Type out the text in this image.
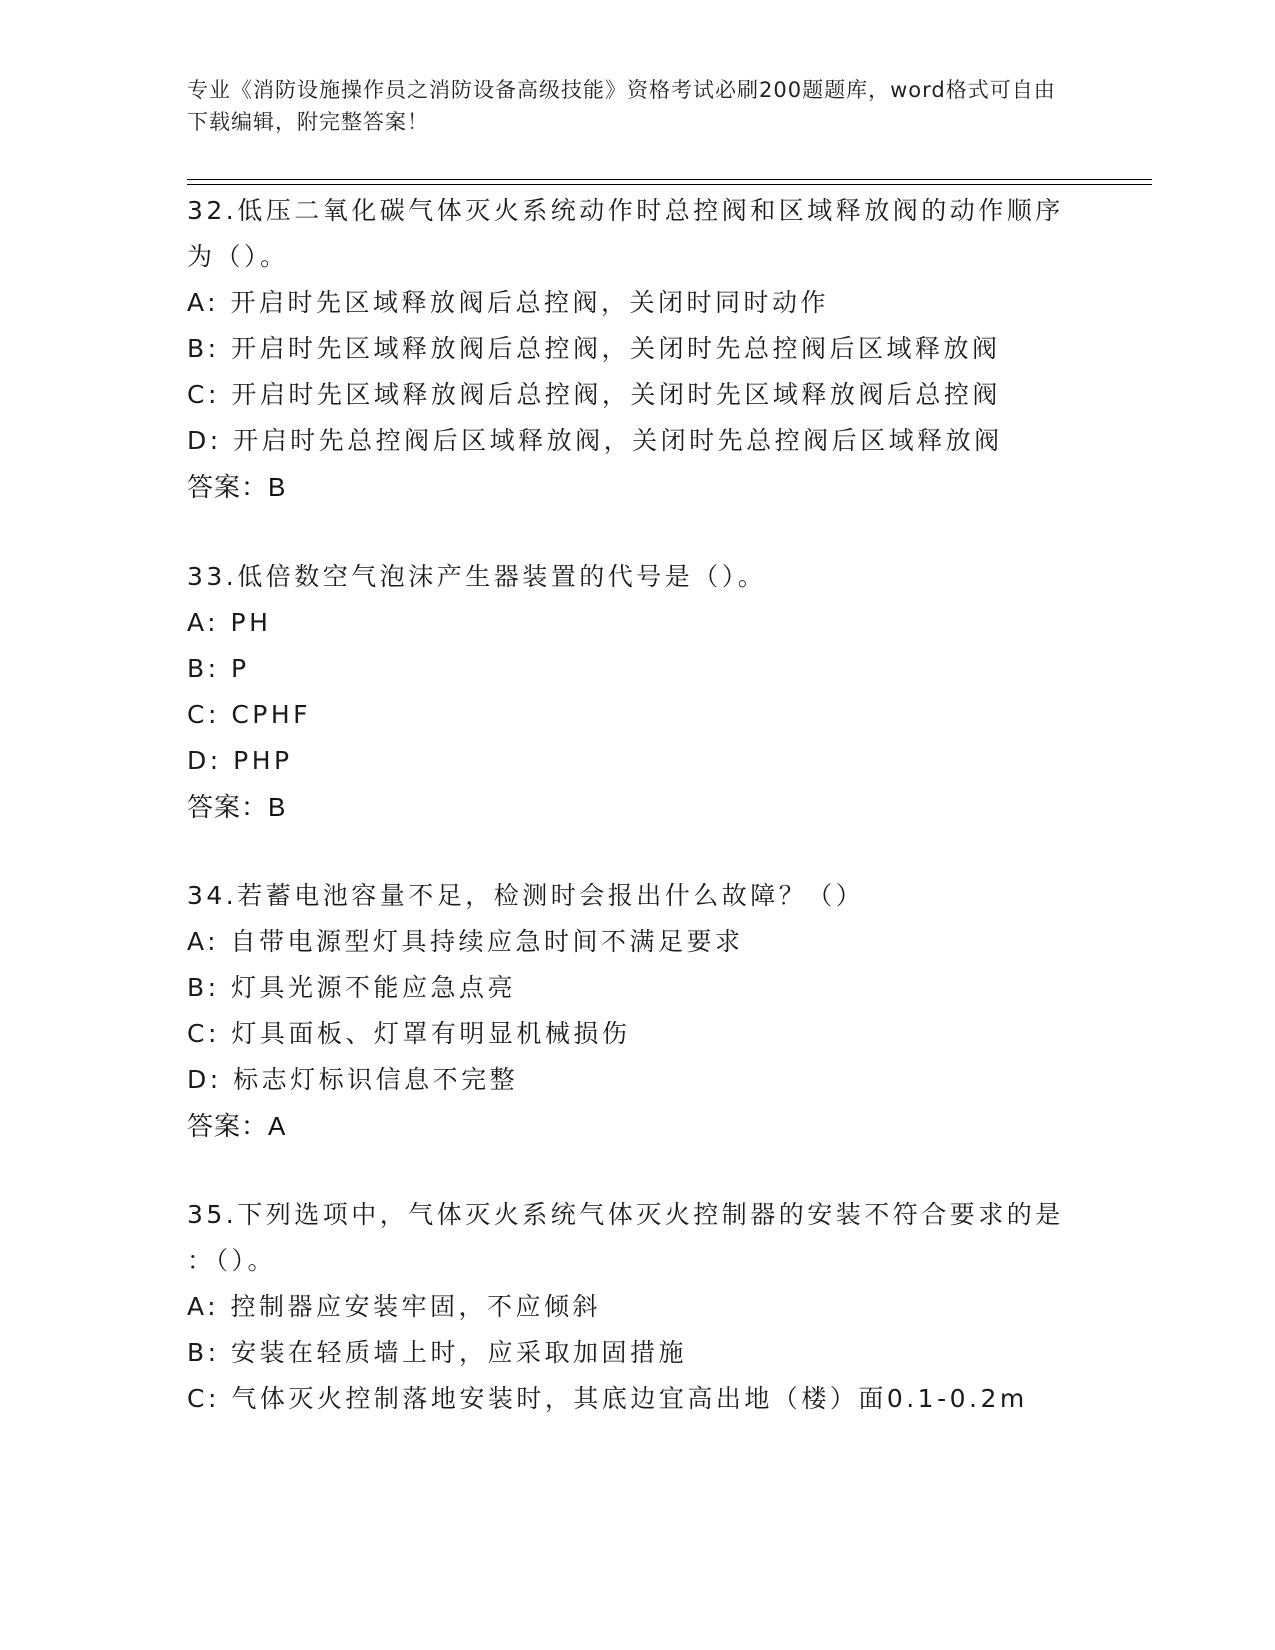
专业《消防设施操作员之消防设备高级技能》资格考试必刷200题题库，word格式可自由下载编辑，附完整答案！
32.低压二氧化碳气体灭火系统动作时总控阀和区域释放阀的动作顺序
为（）。
A: 开启时先区域释放阀后总控阀，关闭时同时动作
B: 开启时先区域释放阀后总控阀，关闭时先总控阀后区域释放阀
C: 开启时先区域释放阀后总控阀，关闭时先区域释放阀后总控阀
D: 开启时先总控阀后区域释放阀，关闭时先总控阀后区域释放阀
答案：B
33.低倍数空气泡沫产生器装置的代号是（）。
A: PH
B: P
C: CPHF
D: PHP
答案：B
34.若蓄电池容量不足，检测时会报出什么故障？（）
A: 自带电源型灯具持续应急时间不满足要求
B: 灯具光源不能应急点亮
C: 灯具面板、灯罩有明显机械损伤
D: 标志灯标识信息不完整
答案：A
35.下列选项中，气体灭火系统气体灭火控制器的安装不符合要求的是
：（）。
A: 控制器应安装牢固，不应倾斜
B: 安装在轻质墙上时，应采取加固措施
C: 气体灭火控制落地安装时，其底边宜高出地（楼）面0.1-0.2m
